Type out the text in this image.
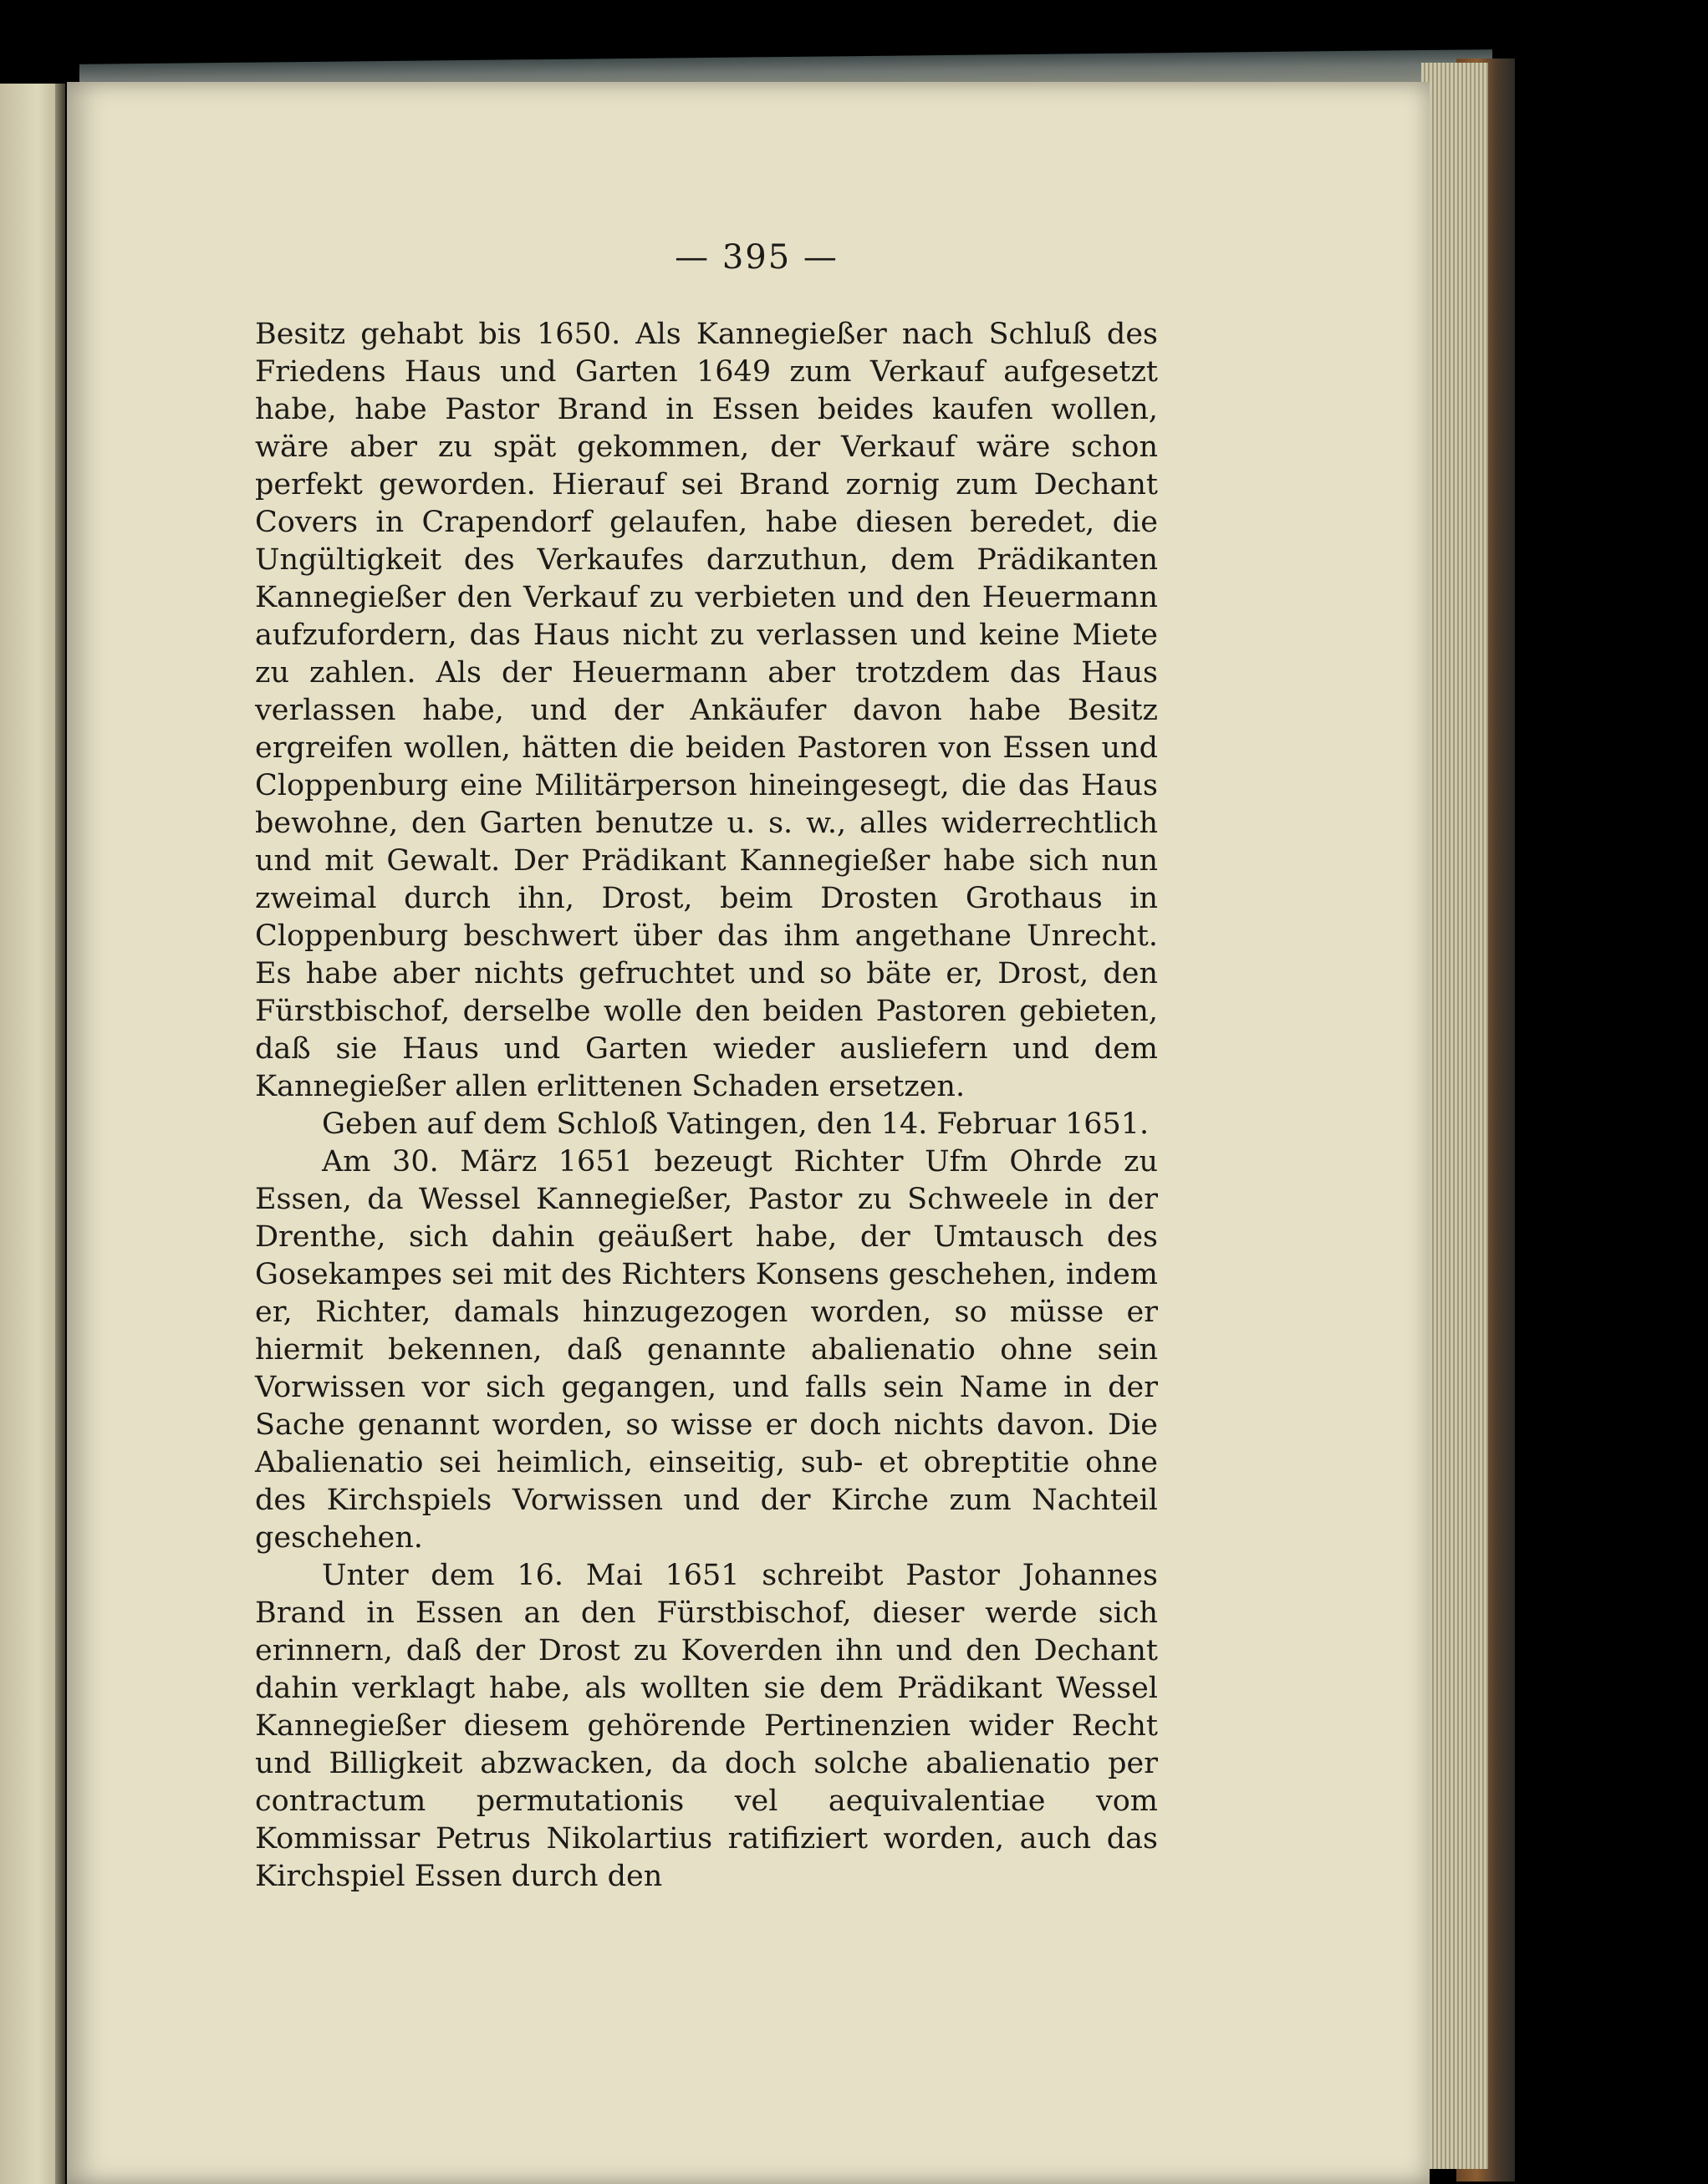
— 395 —

Besitz gehabt bis 1650. Als Kannegießer nach Schluß des Friedens Haus und Garten 1649 zum Verkauf aufgesetzt habe, habe Pastor Brand in Essen beides kaufen wollen, wäre aber zu spät gekommen, der Verkauf wäre schon perfekt geworden. Hierauf sei Brand zornig zum Dechant Covers in Crapendorf gelaufen, habe diesen beredet, die Ungültigkeit des Verkaufes darzuthun, dem Prädikanten Kannegießer den Verkauf zu verbieten und den Heuermann aufzufordern, das Haus nicht zu verlassen und keine Miete zu zahlen. Als der Heuermann aber trotzdem das Haus verlassen habe, und der Ankäufer davon habe Besitz ergreifen wollen, hätten die beiden Pastoren von Essen und Cloppenburg eine Militärperson hineingesegt, die das Haus bewohne, den Garten benutze u. s. w., alles widerrechtlich und mit Gewalt. Der Prädikant Kannegießer habe sich nun zweimal durch ihn, Drost, beim Drosten Grothaus in Cloppenburg beschwert über das ihm angethane Unrecht. Es habe aber nichts gefruchtet und so bäte er, Drost, den Fürstbischof, derselbe wolle den beiden Pastoren gebieten, daß sie Haus und Garten wieder ausliefern und dem Kannegießer allen erlittenen Schaden ersetzen.

Geben auf dem Schloß Vatingen, den 14. Februar 1651.

Am 30. März 1651 bezeugt Richter Ufm Ohrde zu Essen, da Wessel Kannegießer, Pastor zu Schweele in der Drenthe, sich dahin geäußert habe, der Umtausch des Gosekampes sei mit des Richters Konsens geschehen, indem er, Richter, damals hinzugezogen worden, so müsse er hiermit bekennen, daß genannte abalienatio ohne sein Vorwissen vor sich gegangen, und falls sein Name in der Sache genannt worden, so wisse er doch nichts davon. Die Abalienatio sei heimlich, einseitig, sub- et obreptitie ohne des Kirchspiels Vorwissen und der Kirche zum Nachteil geschehen.

Unter dem 16. Mai 1651 schreibt Pastor Johannes Brand in Essen an den Fürstbischof, dieser werde sich erinnern, daß der Drost zu Koverden ihn und den Dechant dahin verklagt habe, als wollten sie dem Prädikant Wessel Kannegießer diesem gehörende Pertinenzien wider Recht und Billigkeit abzwacken, da doch solche abalienatio per contractum permutationis vel aequivalentiae vom Kommissar Petrus Nikolartius ratifiziert worden, auch das Kirchspiel Essen durch den
